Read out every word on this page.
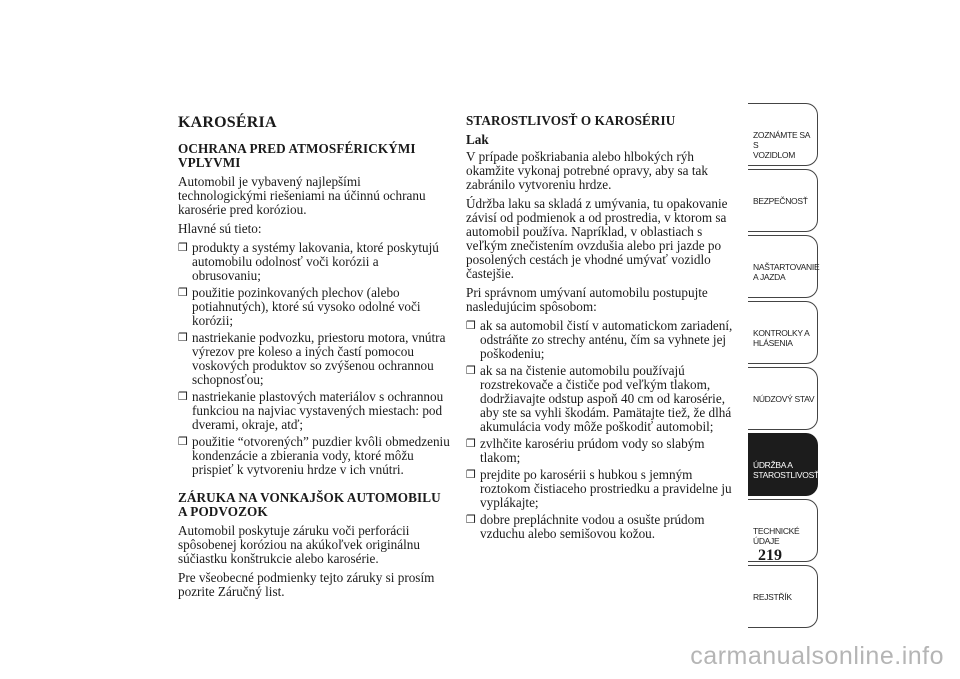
KAROSÉRIA
OCHRANA PRED ATMOSFÉRICKÝMI VPLYVMI

Automobil je vybavený najlepšími technologickými riešeniami na účinnú ochranu karosérie pred koróziou.

Hlavné sú tieto:

❒ produkty a systémy lakovania, ktoré poskytujú automobilu odolnosť voči korózii a obrusovaniu;
❒ použitie pozinkovaných plechov (alebo potiahnutých), ktoré sú vysoko odolné voči korózii;
❒ nastriekanie podvozku, priestoru motora, vnútra výrezov pre koleso a iných častí pomocou voskových produktov so zvýšenou ochrannou schopnosťou;
❒ nastriekanie plastových materiálov s ochrannou funkciou na najviac vystavených miestach: pod dverami, okraje, atď;
❒ použitie “otvorených” puzdier kvôli obmedzeniu kondenzácie a zbierania vody, ktoré môžu prispieť k vytvoreniu hrdze v ich vnútri.
ZÁRUKA NA VONKAJŠOK AUTOMOBILU A PODVOZOK

Automobil poskytuje záruku voči perforácii spôsobenej koróziou na akúkoľvek originálnu súčiastku konštrukcie alebo karosérie.

Pre všeobecné podmienky tejto záruky si prosím pozrite Záručný list.

STAROSTLIVOSŤ O KAROSÉRIU
Lak

V prípade poškriabania alebo hlbokých rýh okamžite vykonaj potrebné opravy, aby sa tak zabránilo vytvoreniu hrdze.

Údržba laku sa skladá z umývania, tu opakovanie závisí od podmienok a od prostredia, v ktorom sa automobil používa. Napríklad, v oblastiach s veľkým znečistením ovzdušia alebo pri jazde po posolených cestách je vhodné umývať vozidlo častejšie.

Pri správnom umývaní automobilu postupujte nasledujúcim spôsobom:

❒ ak sa automobil čistí v automatickom zariadení, odstráňte zo strechy anténu, čím sa vyhnete jej poškodeniu;
❒ ak sa na čistenie automobilu používajú rozstrekovače a čističe pod veľkým tlakom, dodržiavajte odstup aspoň 40 cm od karosérie, aby ste sa vyhli škodám. Pamätajte tiež, že dlhá akumulácia vody môže poškodiť automobil;
❒ zvlhčite karosériu prúdom vody so slabým tlakom;
❒ prejdite po karosérii s hubkou s jemným roztokom čistiaceho prostriedku a pravidelne ju vyplákajte;
❒ dobre prepláchnite vodou a osušte prúdom vzduchu alebo semišovou kožou.
ZOZNÁMTE SA S
VOZIDLOM
BEZPEČNOSŤ
NAŠTARTOVANIE
A JAZDA
KONTROLKY A
HLÁSENIA
NÚDZOVÝ STAV
ÚDRŽBA A
STAROSTLIVOSŤ
TECHNICKÉ
ÚDAJE
REJSTŘÍK
219
carmanualsonline.info
